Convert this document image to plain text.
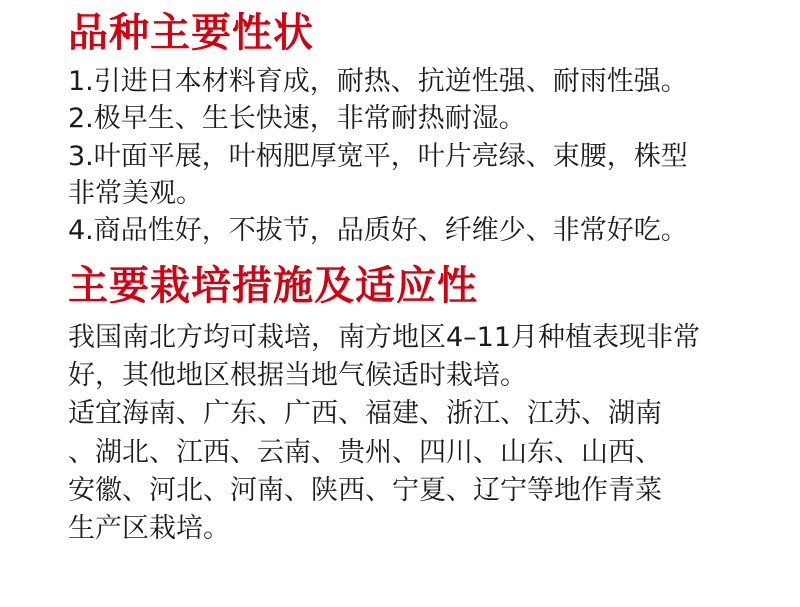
品种主要性状
1.引进日本材料育成，耐热、抗逆性强、耐雨性强。
2.极早生、生长快速，非常耐热耐湿。
3.叶面平展，叶柄肥厚宽平，叶片亮绿、束腰，株型
非常美观。
4.商品性好，不拔节，品质好、纤维少、非常好吃。
主要栽培措施及适应性
我国南北方均可栽培，南方地区4–11月种植表现非常
好，其他地区根据当地气候适时栽培。
适宜海南、广东、广西、福建、浙江、江苏、湖南
、湖北、江西、云南、贵州、四川、山东、山西、
安徽、河北、河南、陕西、宁夏、辽宁等地作青菜
生产区栽培。
